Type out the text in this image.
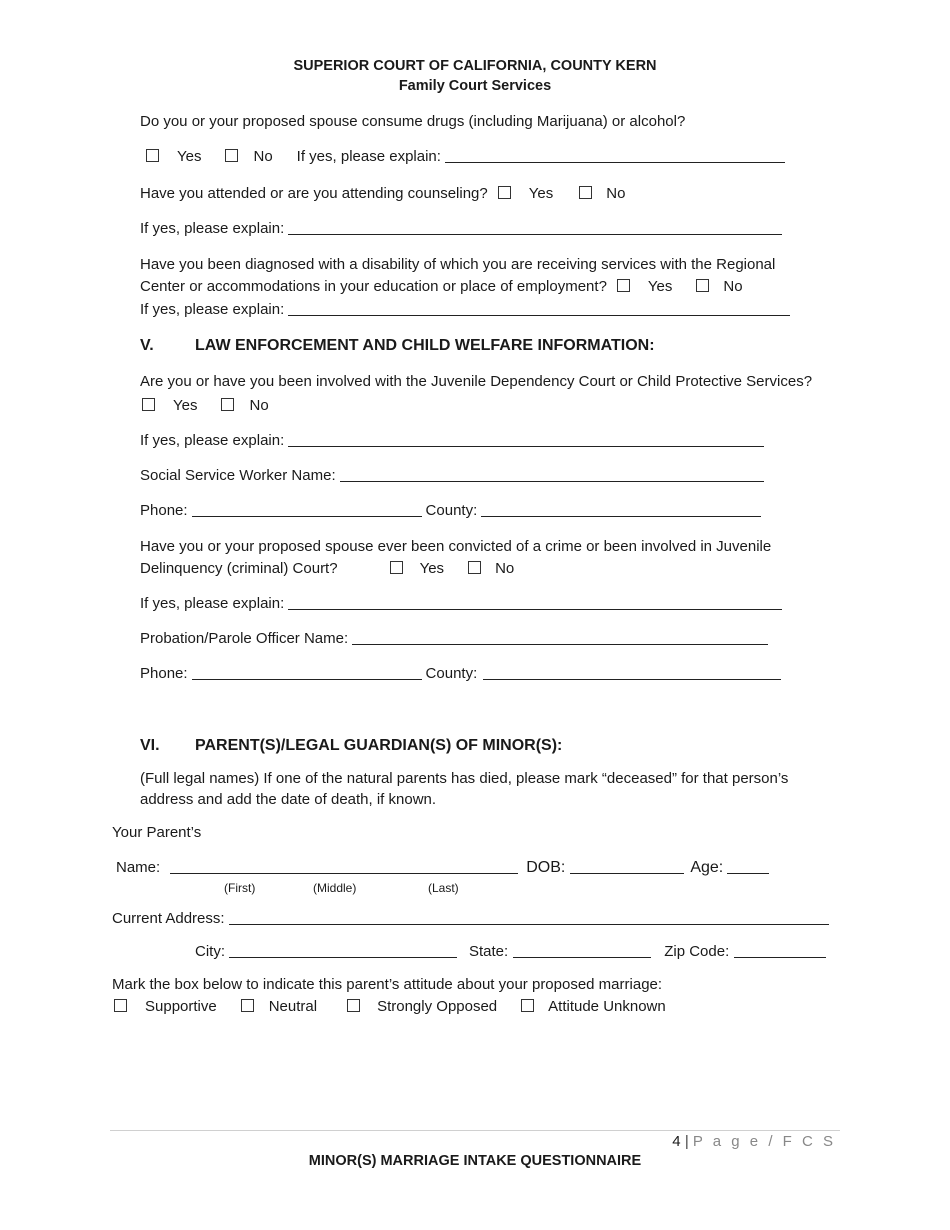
SUPERIOR COURT OF CALIFORNIA, COUNTY KERN
Family Court Services
Do you or your proposed spouse consume drugs (including Marijuana) or alcohol?
Yes	No If yes, please explain:
Have you attended or are you attending counseling?	Yes	No
If yes, please explain:
Have you been diagnosed with a disability of which you are receiving services with the Regional
Center or accommodations in your education or place of employment?	Yes	No
If yes, please explain:
V.	LAW ENFORCEMENT AND CHILD WELFARE INFORMATION:
Are you or have you been involved with the Juvenile Dependency Court or Child Protective Services?
Yes	No
If yes, please explain:
Social Service Worker Name:
Phone:	County:
Have you or your proposed spouse ever been convicted of a crime or been involved in Juvenile
Delinquency (criminal) Court?	Yes	No
If yes, please explain:
Probation/Parole Officer Name:
Phone:	County:
VI. PARENT(S)/LEGAL GUARDIAN(S) OF MINOR(S):
(Full legal names) If one of the natural parents has died, please mark “deceased” for that person’s
address and add the date of death, if known.
Your Parent’s
Name:	DOB:	Age:
(First)	(Middle)	(Last)
Current Address:
City:	State:	Zip Code:
Mark the box below to indicate this parent’s attitude about your proposed marriage:
Supportive	Neutral	Strongly Opposed	Attitude Unknown
4 | P a g e / F C S
MINOR(S) MARRIAGE INTAKE QUESTIONNAIRE
